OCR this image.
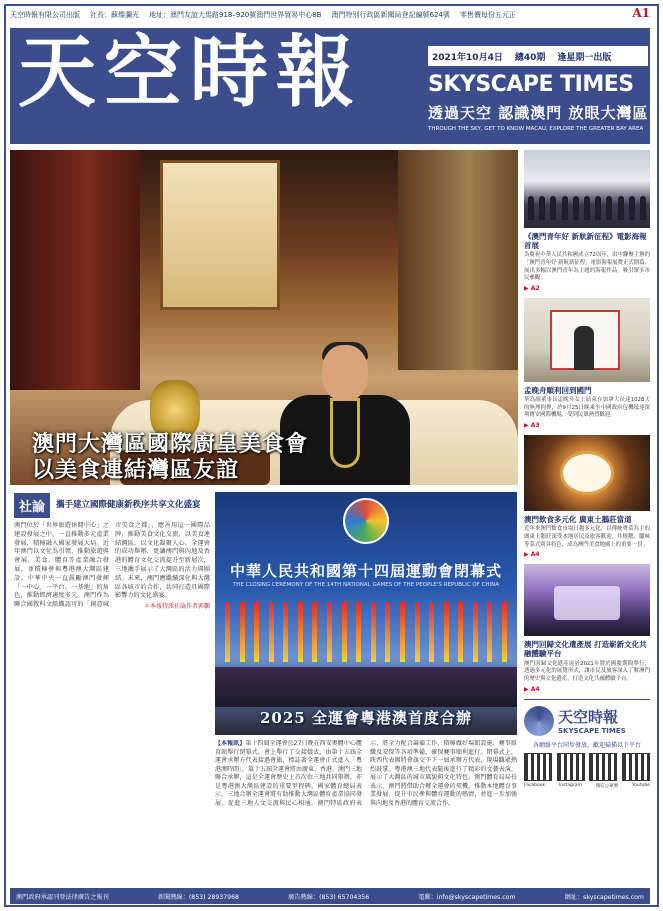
天空時報有限公司出版 社長：蘇燦瀾光 地址：澳門友誼大馬路918–920號澳門世界貿易中心8B 澳門特別行政區新聞局登記編號624號 零售價每份五元正	A1
天空時報	2021年10月4日 總40期 逢星期一出版
SKYSCAPE TIMES
透過天空 認識澳門 放眼大灣區
THROUGH THE SKY, GET TO KNOW MACAU, EXPLORE THE GREATER BAY AREA
澳門大灣區國際廚皇美食會
以美食連結灣區友誼
社論	攜手建立國際健康新秩序共享文化盛宴

澳門位於「世界旅遊休閒中心」之建設發展之中，一直推動多元產業發展，積極融入國家發展大局。近年澳門以文化為引領，推動旅遊與會展、美食、體育等產業融合發展，並積極參與粵港澳大灣區建設。中華中央一直鼓勵澳門發揮「一中心、一平台、一基地」的角色，推動經濟適度多元。澳門作為聯合國教科文組織認可的「創意城市美食之都」，應善用這一國際品牌，推動美食文化交流，以美食連結灣區，以文化凝聚人心。全運會的成功舉辦，更讓澳門與內地及香港的體育文化交流提升至新層次，三地攜手展示了大灣區的活力與團結。未來，澳門應繼續深化與大灣區各城市的合作，共同打造具國際影響力的文化盛宴。

＊本報特派社論作者郭鵬

中華人民共和國第十四屆運動會閉幕式
THE CLOSING CEREMONY OF THE 14TH NATIONAL GAMES OF THE PEOPLE'S REPUBLIC OF CHINA
2025 全運會粵港澳首度合辦
【本報訊】第十四屆全運會於27日晚在西安奧體中心體育館舉行閉幕式。會上舉行了交接儀式，由第十五屆全運會承辦方代表接過會旗，標誌著全運會正式進入「粵港澳時間」。第十五屆全運會將由廣東、香港、澳門三地聯合承辦，這是全運會歷史上首次由三地共同舉辦，亦是粵港澳大灣區建設的重要里程碑。國家體育總局表示，三地合辦全運會將有助推動大灣區體育產業協同發展，促進三地人文交流與民心相通。澳門特區政府表示，將全力配合籌備工作，積極做好場館設施、賽事組織及安保等各項準備，確保賽事順利進行。閉幕式上，陝西代表團將會旗交予下一屆承辦方代表，現場觀眾熱烈鼓掌。粵港澳三地代表隨後進行了精彩的文藝表演，展示了大灣區的城市風貌與文化特色。澳門體育局局長表示，澳門將借助合辦全運會的契機，推動本地體育事業發展，提升市民參與體育運動的熱情，並進一步加強與內地及香港的體育交流合作。
《澳門青年好 新航新征程》電影海報首展
為慶祝中華人民共和國成立72周年，由中聯辦主辦的「澳門青年好 新航新征程」電影海報展覽正式開幕，展出多幅以澳門青年為主題的海報作品，吸引眾多市民參觀。
▶ A2
孟晚舟順利回到國門
華為副董事長孟晚舟女士結束在加拿大長達1028天的無理拘押，於9月25日晚乘坐中國政府包機抵達深圳寶安國際機場，受到民眾熱烈歡迎。
▶ A3
澳門飲食多元化 廣東土鵝莊當道
近年來澳門飲食市場日趨多元化，以傳統粵菜為主的廣東土鵝莊深受本地居民及旅客歡迎，其燒鵝、臘味等菜式別具特色，成為澳門美食地圖上的重要一員。
▶ A4
澳門回歸文化遺產展 打造嶄新文化共融體驗平台
澳門回歸文化遺產展於2021年將於國慶期間舉行，透過多元化的展覽形式，讓市民及旅客深入了解澳門的歷史與文化遺產，打造文化共融體驗平台。
▶ A4
天空時報
SKYSCAPE TIMES
各網絡平台同步發放，歡迎掃描以下平台
Facebook	Instagram	微信公眾號	Youtube
澳門政府承認刊登法律廣告之報刊	新聞熱線：(853) 28937968	廣告熱線：(853) 65704356	電郵：info@skyscapetimes.com	網址：skyscapetimes.com
